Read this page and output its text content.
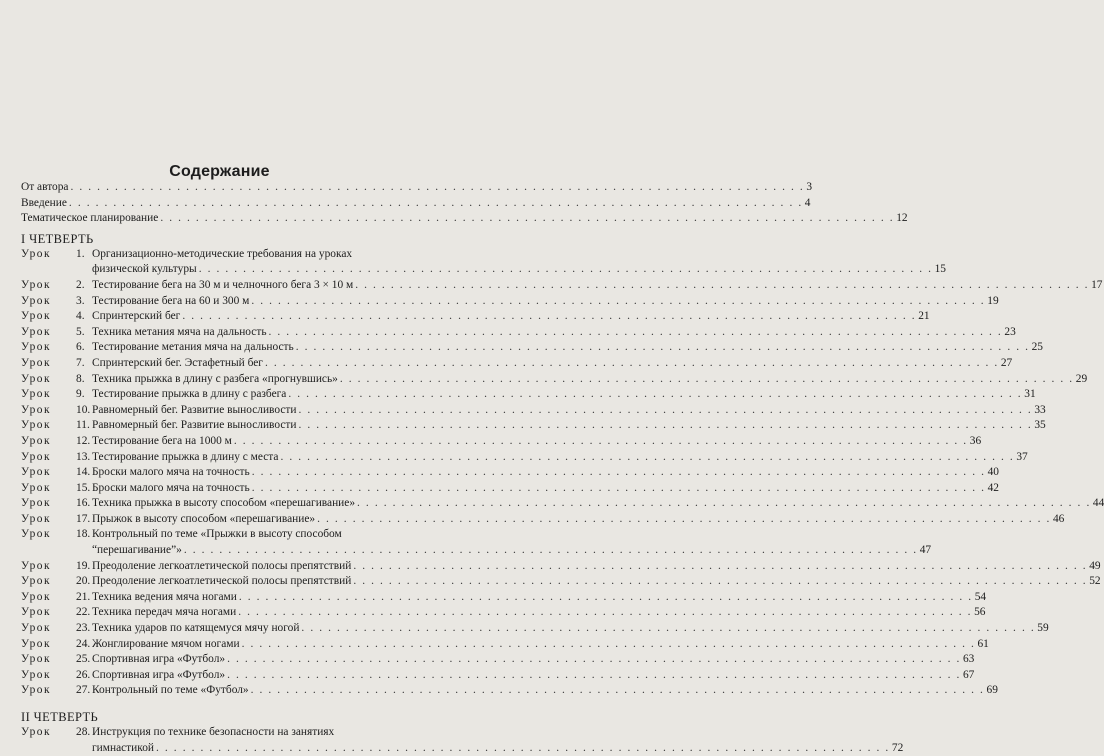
Содержание
От автора . . .	3
Введение . . .	4
Тематическое планирование . . .	12
I ЧЕТВЕРТЬ
Урок	1. Организационно-методические требования на уроках
физической культуры . . .	15
Урок	2. Тестирование бега на 30 м и челночного бега 3 × 10 м . . .	17
Урок	3. Тестирование бега на 60 и 300 м . . .	19
Урок	4. Спринтерский бег . . .	21
Урок	5. Техника метания мяча на дальность . . .	23
Урок	6. Тестирование метания мяча на дальность . . .	25
Урок	7. Спринтерский бег. Эстафетный бег . . .	27
Урок	8. Техника прыжка в длину с разбега «прогнувшись» . . .	29
Урок	9. Тестирование прыжка в длину с разбега . . .	31
Урок	10. Равномерный бег. Развитие выносливости . . .	33
Урок	11. Равномерный бег. Развитие выносливости . . .	35
Урок	12. Тестирование бега на 1000 м . . .	36
Урок	13. Тестирование прыжка в длину с места . . .	37
Урок	14. Броски малого мяча на точность . . .	40
Урок	15. Броски малого мяча на точность . . .	42
Урок	16. Техника прыжка в высоту способом «перешагивание» . . .	44
Урок	17. Прыжок в высоту способом «перешагивание» . . .	46
Урок	18. Контрольный по теме «Прыжки в высоту способом
“перешагивание”» . . .	47
Урок	19. Преодоление легкоатлетической полосы препятствий . . .	49
Урок	20. Преодоление легкоатлетической полосы препятствий . . .	52
Урок	21. Техника ведения мяча ногами . . .	54
Урок	22. Техника передач мяча ногами . . .	56
Урок	23. Техника ударов по катящемуся мячу ногой . . .	59
Урок	24. Жонглирование мячом ногами . . .	61
Урок	25. Спортивная игра «Футбол» . . .	63
Урок	26. Спортивная игра «Футбол» . . .	67
Урок	27. Контрольный по теме «Футбол» . . .	69
II ЧЕТВЕРТЬ
Урок	28. Инструкция по технике безопасности на занятиях
гимнастикой . . .	72
